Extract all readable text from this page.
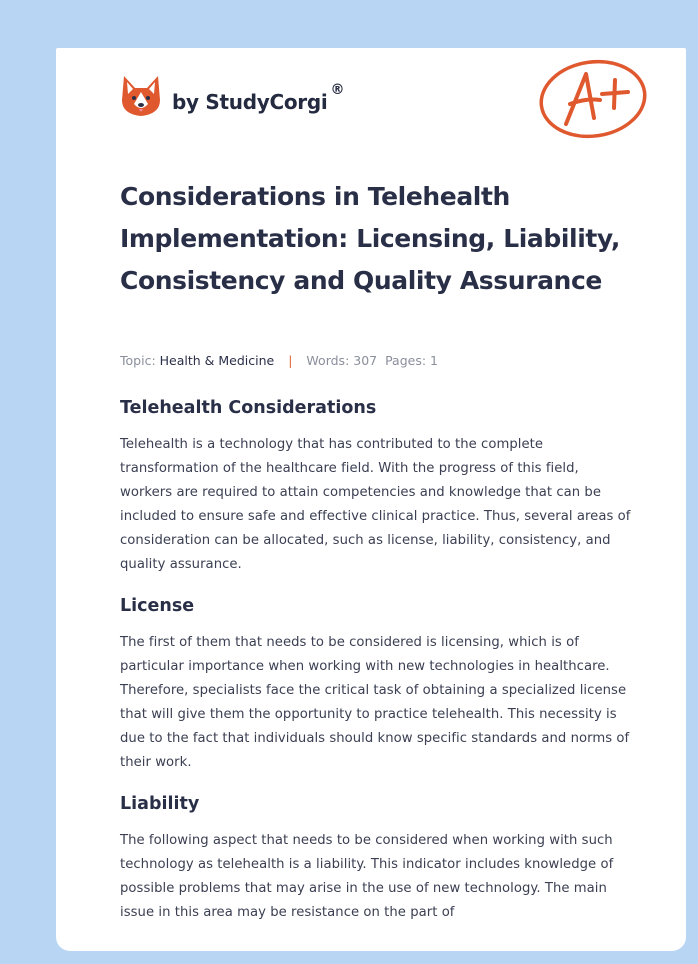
by StudyCorgi ®
Considerations in Telehealth Implementation: Licensing, Liability, Consistency and Quality Assurance
Topic: Health & Medicine | Words: 307 Pages: 1
Telehealth Considerations

Telehealth is a technology that has contributed to the complete transformation of the healthcare field. With the progress of this field, workers are required to attain competencies and knowledge that can be included to ensure safe and effective clinical practice. Thus, several areas of consideration can be allocated, such as license, liability, consistency, and quality assurance.

License

The first of them that needs to be considered is licensing, which is of particular importance when working with new technologies in healthcare. Therefore, specialists face the critical task of obtaining a specialized license that will give them the opportunity to practice telehealth. This necessity is due to the fact that individuals should know specific standards and norms of their work.

Liability

The following aspect that needs to be considered when working with such technology as telehealth is a liability. This indicator includes knowledge of possible problems that may arise in the use of new technology. The main issue in this area may be resistance on the part of
